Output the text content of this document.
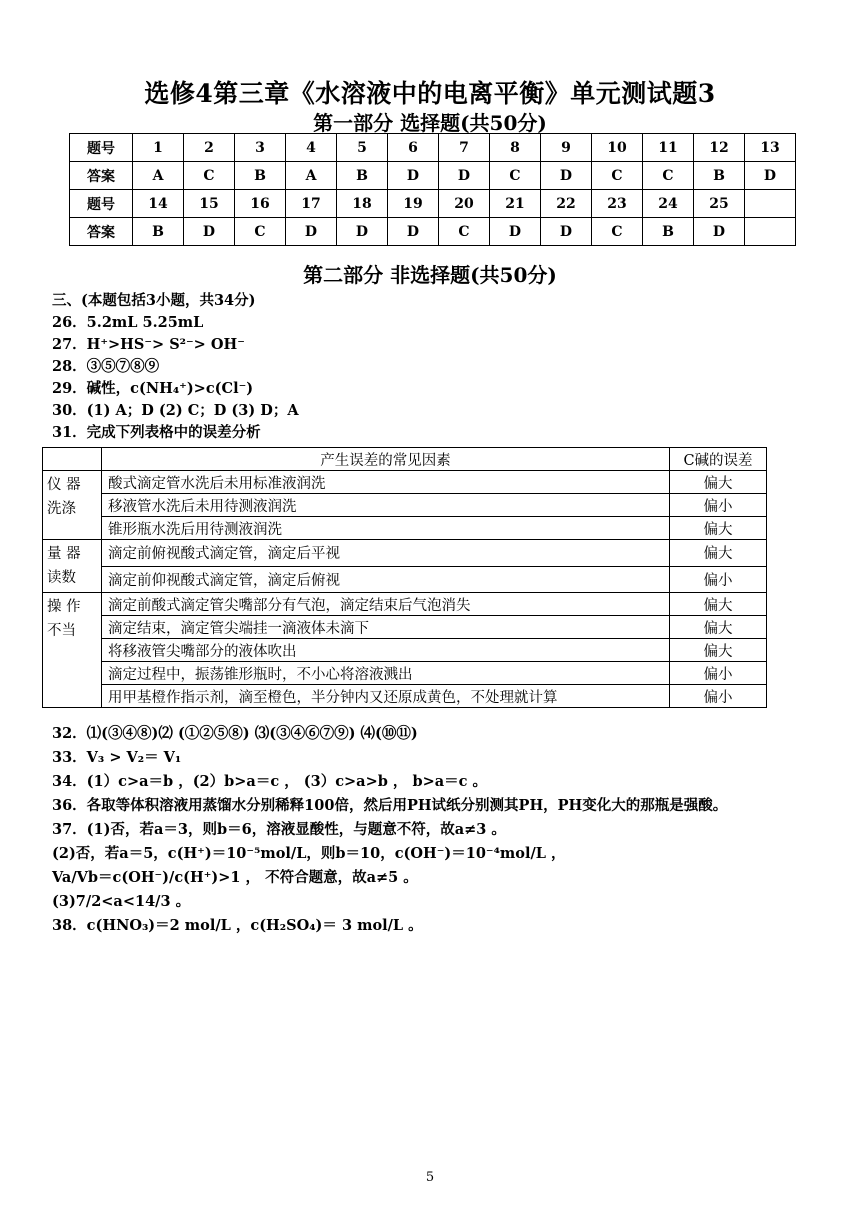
选修4第三章《水溶液中的电离平衡》单元测试题3
第一部分 选择题(共50分)
题号	1	2	3	4	5	6	7	8	9	10	11	12	13
答案	A	C	B	A	B	D	D	C	D	C	C	B	D
题号	14	15	16	17	18	19	20	21	22	23	24	25	
答案	B	D	C	D	D	D	C	D	D	C	B	D	
第二部分 非选择题(共50分)
三、(本题包括3小题，共34分)
26．5.2mL 5.25mL
27．H⁺>HS⁻> S²⁻> OH⁻
28．③⑤⑦⑧⑨
29．碱性，c(NH₄⁺)>c(Cl⁻)
30．(1) A；D (2) C；D (3) D；A
31．完成下列表格中的误差分析
	产生误差的常见因素	C碱的误差
仪 器 洗涤	酸式滴定管水洗后未用标准液润洗	偏大
	移液管水洗后未用待测液润洗	偏小
	锥形瓶水洗后用待测液润洗	偏大
量 器 读数	滴定前俯视酸式滴定管，滴定后平视	偏大
	滴定前仰视酸式滴定管，滴定后俯视	偏小
操 作 不当	滴定前酸式滴定管尖嘴部分有气泡，滴定结束后气泡消失	偏大
	滴定结束，滴定管尖端挂一滴液体未滴下	偏大
	将移液管尖嘴部分的液体吹出	偏大
	滴定过程中，振荡锥形瓶时，不小心将溶液溅出	偏小
	用甲基橙作指示剂，滴至橙色，半分钟内又还原成黄色，不处理就计算	偏小
32．⑴(③④⑧)⑵ (①②⑤⑧) ⑶(③④⑥⑦⑨) ⑷(⑩⑪)
33．V₃ > V₂＝ V₁
34．(1）c>a＝b ，(2）b>a＝c ， (3）c>a>b ， b>a＝c 。
36．各取等体积溶液用蒸馏水分别稀释100倍，然后用PH试纸分别测其PH，PH变化大的那瓶是强酸。
37．(1)否，若a＝3，则b＝6，溶液显酸性，与题意不符，故a≠3 。
(2)否，若a＝5，c(H⁺)＝10⁻⁵mol/L，则b＝10，c(OH⁻)＝10⁻⁴mol/L ，
Va/Vb＝c(OH⁻)/c(H⁺)>1 ， 不符合题意，故a≠5 。
(3)7/2<a<14/3 。
38．c(HNO₃)＝2 mol/L ，c(H₂SO₄)＝ 3 mol/L 。
5
